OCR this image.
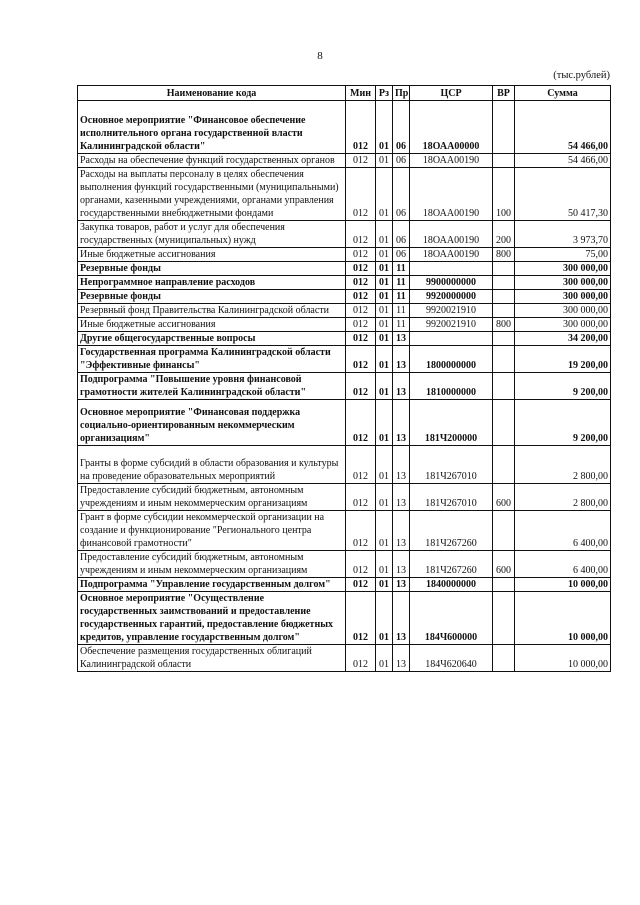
8
(тыс.рублей)
Наименование кода	Мин	Рз	Пр	ЦСР	ВР	Сумма
Основное мероприятие "Финансовое обеспечение исполнительного органа государственной власти Калининградской области"	012	01	06	18ОАА00000		54 466,00
Расходы на обеспечение функций государственных органов	012	01	06	18ОАА00190		54 466,00
Расходы на выплаты персоналу в целях обеспечения выполнения функций государственными (муниципальными) органами, казенными учреждениями, органами управления государственными внебюджетными фондами	012	01	06	18ОАА00190	100	50 417,30
Закупка товаров, работ и услуг для обеспечения государственных (муниципальных) нужд	012	01	06	18ОАА00190	200	3 973,70
Иные бюджетные ассигнования	012	01	06	18ОАА00190	800	75,00
Резервные фонды	012	01	11			300 000,00
Непрограммное направление расходов	012	01	11	9900000000		300 000,00
Резервные фонды	012	01	11	9920000000		300 000,00
Резервный фонд Правительства Калининградской области	012	01	11	9920021910		300 000,00
Иные бюджетные ассигнования	012	01	11	9920021910	800	300 000,00
Другие общегосударственные вопросы	012	01	13			34 200,00
Государственная программа Калининградской области "Эффективные финансы"	012	01	13	1800000000		19 200,00
Подпрограмма "Повышение уровня финансовой грамотности жителей Калининградской области"	012	01	13	1810000000		9 200,00
Основное мероприятие "Финансовая поддержка социально-ориентированным некоммерческим организациям"	012	01	13	181Ч200000		9 200,00
Гранты в форме субсидий в области образования и культуры на проведение образовательных мероприятий	012	01	13	181Ч267010		2 800,00
Предоставление субсидий бюджетным, автономным учреждениям и иным некоммерческим организациям	012	01	13	181Ч267010	600	2 800,00
Грант в форме субсидии некоммерческой организации на создание и функционирование "Регионального центра финансовой грамотности"	012	01	13	181Ч267260		6 400,00
Предоставление субсидий бюджетным, автономным учреждениям и иным некоммерческим организациям	012	01	13	181Ч267260	600	6 400,00
Подпрограмма "Управление государственным долгом"	012	01	13	1840000000		10 000,00
Основное мероприятие "Осуществление государственных заимствований и предоставление государственных гарантий, предоставление бюджетных кредитов, управление государственным долгом"	012	01	13	184Ч600000		10 000,00
Обеспечение размещения государственных облигаций Калининградской области	012	01	13	184Ч620640		10 000,00
